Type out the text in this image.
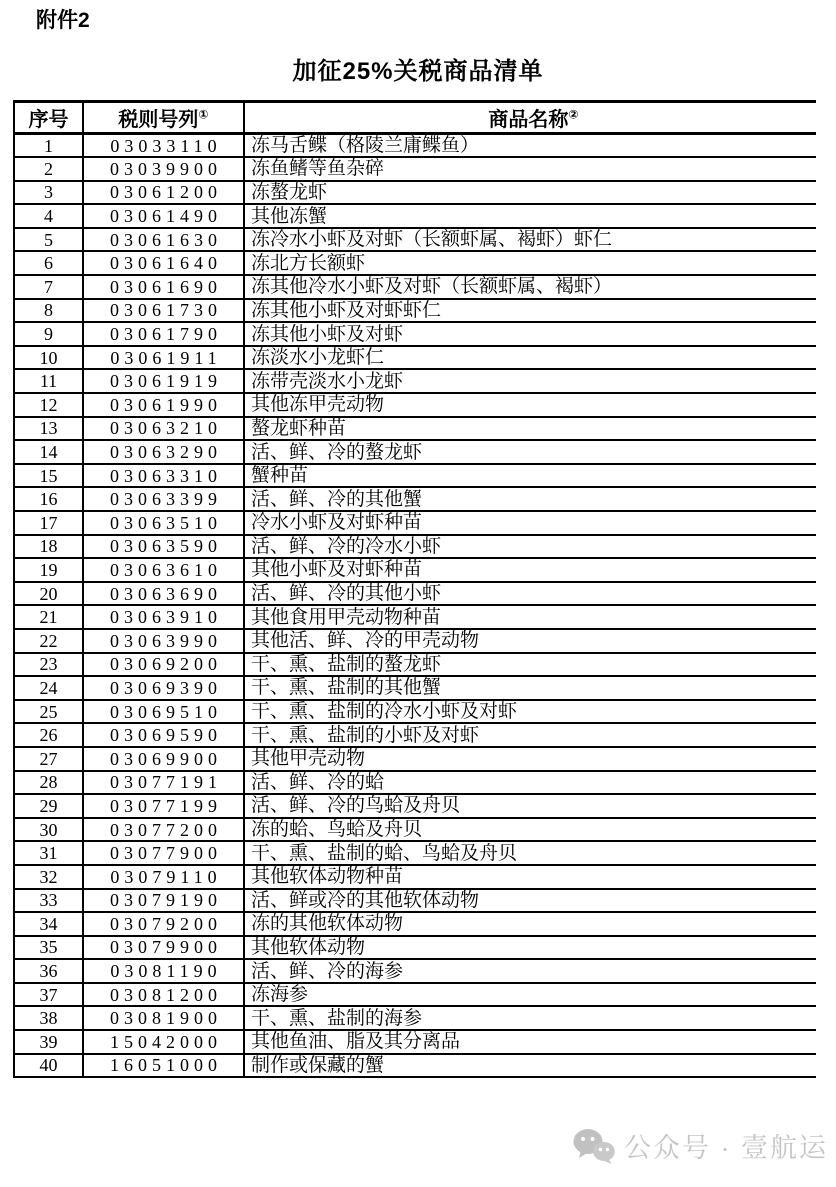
附件2
加征25%关税商品清单
序号	税则号列①	商品名称②
1	03033110	冻马舌鲽（格陵兰庸鲽鱼）
2	03039900	冻鱼鳍等鱼杂碎
3	03061200	冻螯龙虾
4	03061490	其他冻蟹
5	03061630	冻冷水小虾及对虾（长额虾属、褐虾）虾仁
6	03061640	冻北方长额虾
7	03061690	冻其他冷水小虾及对虾（长额虾属、褐虾）
8	03061730	冻其他小虾及对虾虾仁
9	03061790	冻其他小虾及对虾
10	03061911	冻淡水小龙虾仁
11	03061919	冻带壳淡水小龙虾
12	03061990	其他冻甲壳动物
13	03063210	螯龙虾种苗
14	03063290	活、鲜、冷的螯龙虾
15	03063310	蟹种苗
16	03063399	活、鲜、冷的其他蟹
17	03063510	冷水小虾及对虾种苗
18	03063590	活、鲜、冷的冷水小虾
19	03063610	其他小虾及对虾种苗
20	03063690	活、鲜、冷的其他小虾
21	03063910	其他食用甲壳动物种苗
22	03063990	其他活、鲜、冷的甲壳动物
23	03069200	干、熏、盐制的螯龙虾
24	03069390	干、熏、盐制的其他蟹
25	03069510	干、熏、盐制的冷水小虾及对虾
26	03069590	干、熏、盐制的小虾及对虾
27	03069900	其他甲壳动物
28	03077191	活、鲜、冷的蛤
29	03077199	活、鲜、冷的鸟蛤及舟贝
30	03077200	冻的蛤、鸟蛤及舟贝
31	03077900	干、熏、盐制的蛤、鸟蛤及舟贝
32	03079110	其他软体动物种苗
33	03079190	活、鲜或冷的其他软体动物
34	03079200	冻的其他软体动物
35	03079900	其他软体动物
36	03081190	活、鲜、冷的海参
37	03081200	冻海参
38	03081900	干、熏、盐制的海参
39	15042000	其他鱼油、脂及其分离品
40	16051000	制作或保藏的蟹
公众号 · 壹航运
